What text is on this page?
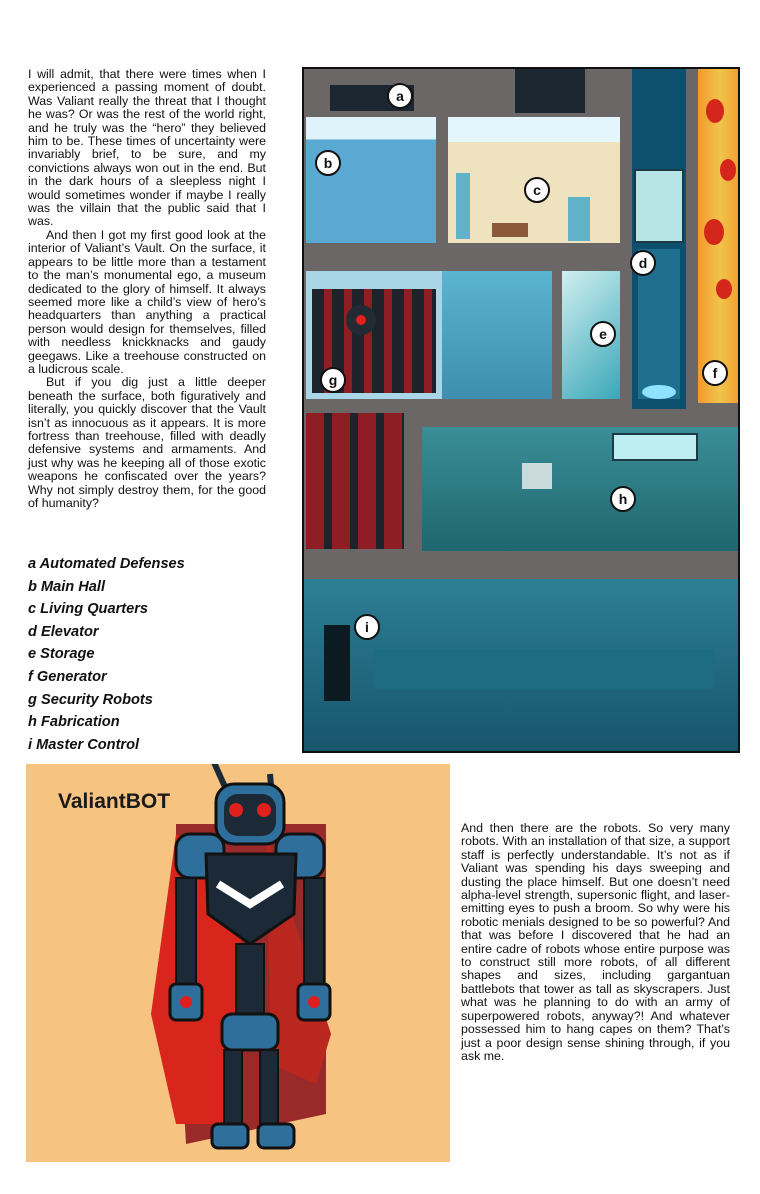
I will admit, that there were times when I experienced a passing moment of doubt. Was Valiant really the threat that I thought he was? Or was the rest of the world right, and he truly was the “hero” they believed him to be. These times of uncertainty were invariably brief, to be sure, and my convictions always won out in the end. But in the dark hours of a sleepless night I would sometimes wonder if maybe I really was the villain that the public said that I was.

And then I got my first good look at the interior of Valiant’s Vault. On the surface, it appears to be little more than a testament to the man’s monumental ego, a museum dedicated to the glory of himself. It always seemed more like a child’s view of hero’s headquarters than anything a practical person would design for themselves, filled with needless knickknacks and gaudy geegaws. Like a treehouse constructed on a ludicrous scale.

But if you dig just a little deeper beneath the surface, both figuratively and literally, you quickly discover that the Vault isn’t as innocuous as it appears. It is more fortress than treehouse, filled with deadly defensive systems and armaments. And just why was he keeping all of those exotic weapons he confiscated over the years? Why not simply destroy them, for the good of humanity?

a Automated Defenses
b Main Hall
c Living Quarters
d Elevator
e Storage
f Generator
g Security Robots
h Fabrication
i Master Control
a
b
c
d
e
f
g
h
i
ValiantBOT

And then there are the robots. So very many robots. With an installation of that size, a support staff is perfectly understandable. It’s not as if Valiant was spending his days sweeping and dusting the place himself. But one doesn’t need alpha-level strength, supersonic flight, and laser-emitting eyes to push a broom. So why were his robotic menials designed to be so powerful? And that was before I discovered that he had an entire cadre of robots whose entire purpose was to construct still more robots, of all different shapes and sizes, including gargantuan battlebots that tower as tall as skyscrapers. Just what was he planning to do with an army of superpowered robots, anyway?! And whatever possessed him to hang capes on them? That’s just a poor design sense shining through, if you ask me.
